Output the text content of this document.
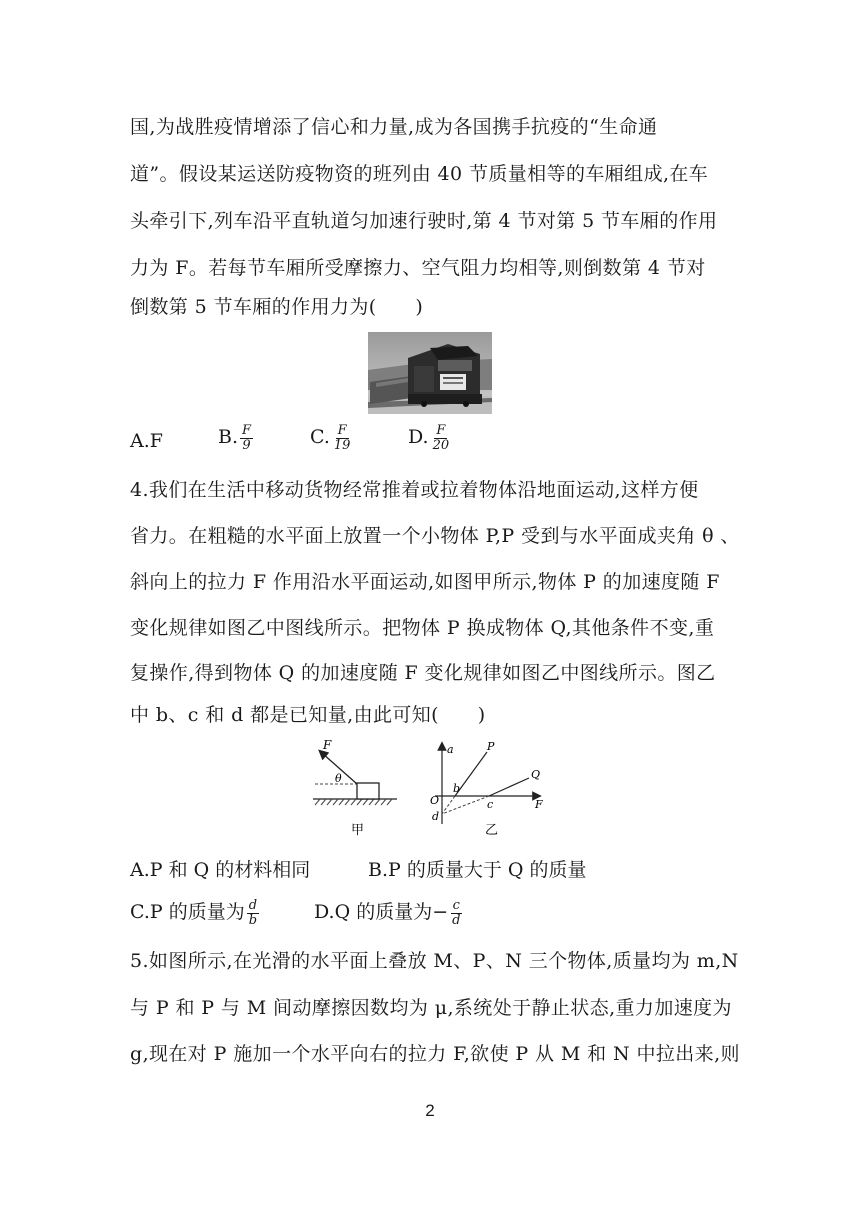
国,为战胜疫情增添了信心和力量,成为各国携手抗疫的“生命通
道”。假设某运送防疫物资的班列由 40 节质量相等的车厢组成,在车
头牵引下,列车沿平直轨道匀加速行驶时,第 4 节对第 5 节车厢的作用
力为 F。若每节车厢所受摩擦力、空气阻力均相等,则倒数第 4 节对
倒数第 5 节车厢的作用力为(　　)
A.F	B. $\frac{F}{9}$	C. $\frac{F}{19}$	D. $\frac{F}{20}$
4.我们在生活中移动货物经常推着或拉着物体沿地面运动,这样方便
省力。在粗糙的水平面上放置一个小物体 P,P 受到与水平面成夹角 θ 、
斜向上的拉力 F 作用沿水平面运动,如图甲所示,物体 P 的加速度随 F
变化规律如图乙中图线所示。把物体 P 换成物体 Q,其他条件不变,重
复操作,得到物体 Q 的加速度随 F 变化规律如图乙中图线所示。图乙
中 b、c 和 d 都是已知量,由此可知(　　)
F
θ
甲
a
F
O
P
Q
b
c
d
乙
A.P 和 Q 的材料相同	B.P 的质量大于 Q 的质量
C.P 的质量为 $\frac{d}{b}$	D.Q 的质量为− $\frac{c}{d}$
5.如图所示,在光滑的水平面上叠放 M、P、N 三个物体,质量均为 m,N
与 P 和 P 与 M 间动摩擦因数均为 μ,系统处于静止状态,重力加速度为
g,现在对 P 施加一个水平向右的拉力 F,欲使 P 从 M 和 N 中拉出来,则
2
